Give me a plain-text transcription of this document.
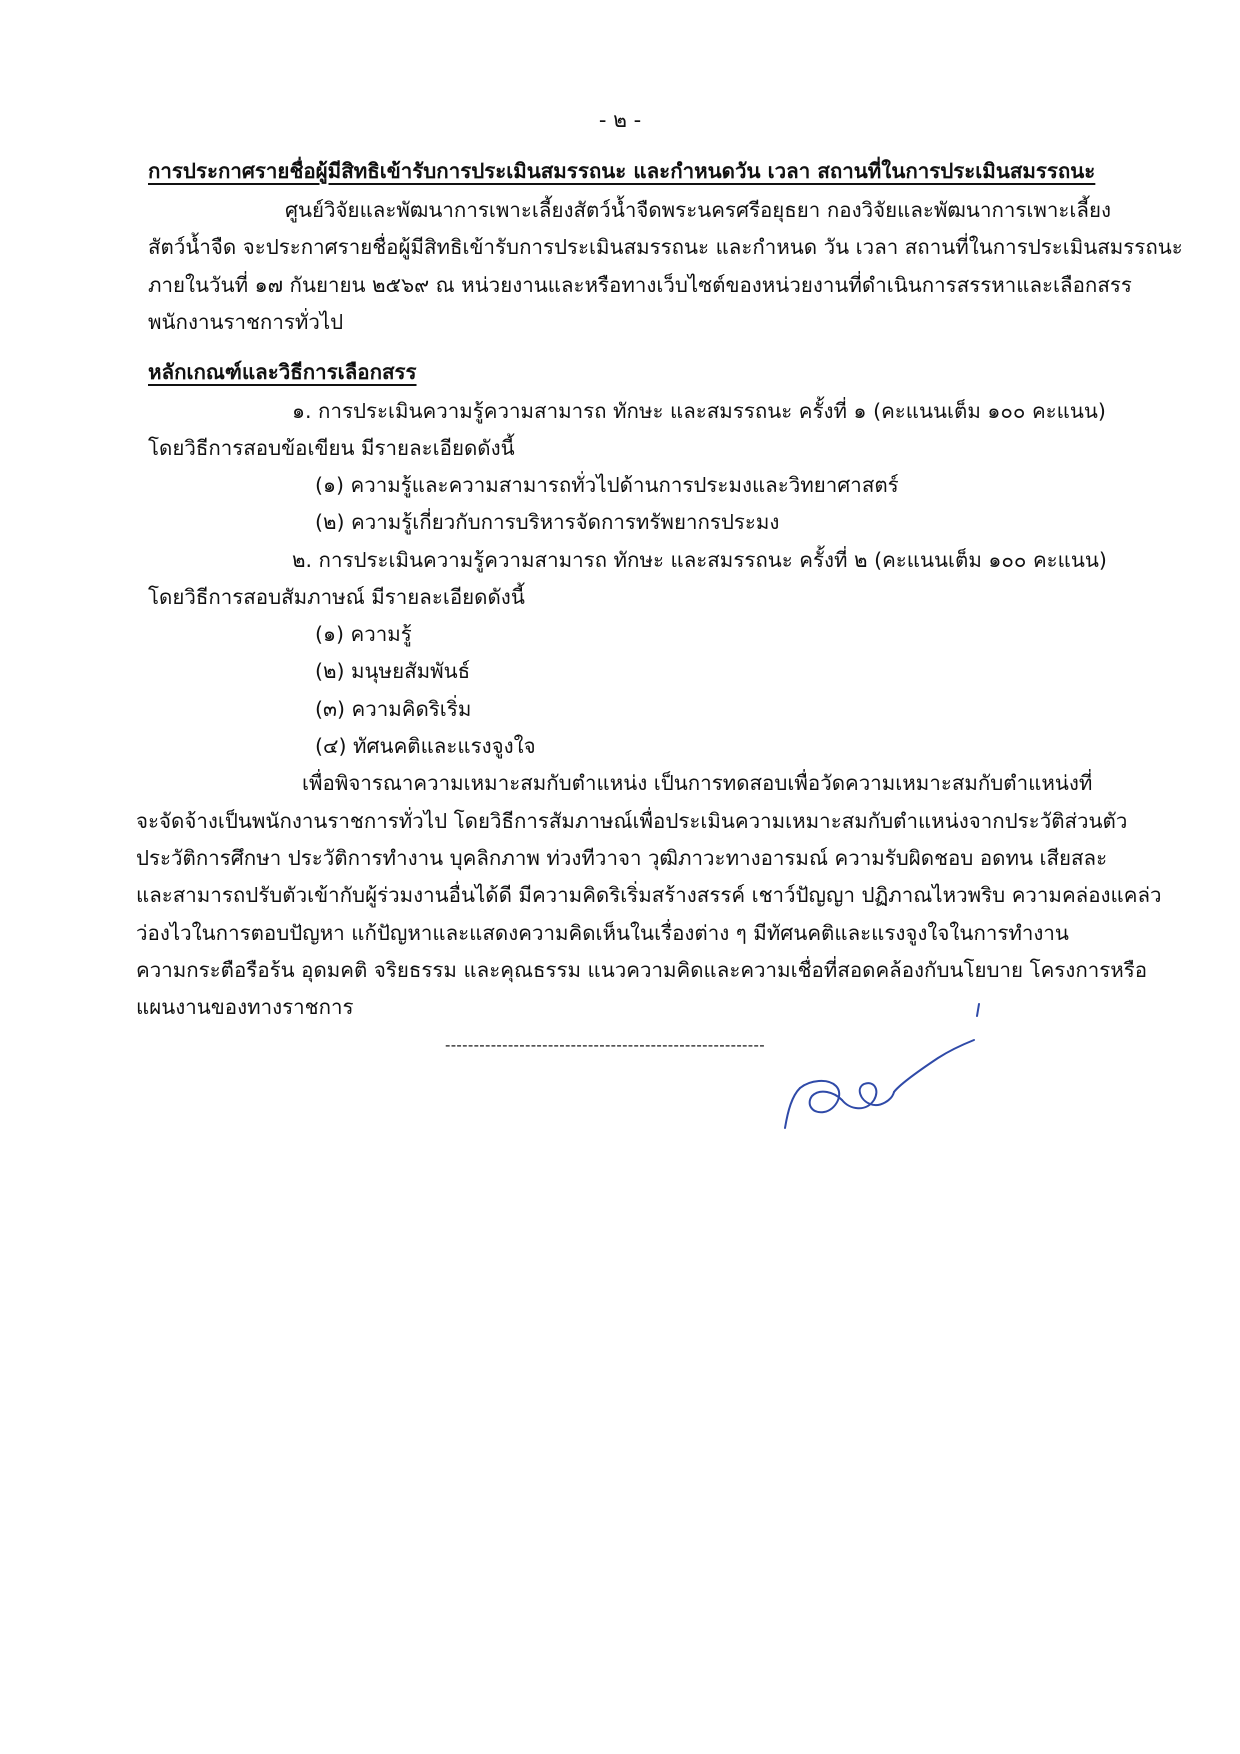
- ๒ -
การประกาศรายชื่อผู้มีสิทธิเข้ารับการประเมินสมรรถนะ และกำหนดวัน เวลา สถานที่ในการประเมินสมรรถนะ
ศูนย์วิจัยและพัฒนาการเพาะเลี้ยงสัตว์น้ำจืดพระนครศรีอยุธยา กองวิจัยและพัฒนาการเพาะเลี้ยง
สัตว์น้ำจืด จะประกาศรายชื่อผู้มีสิทธิเข้ารับการประเมินสมรรถนะ และกำหนด วัน เวลา สถานที่ในการประเมินสมรรถนะ
ภายในวันที่ ๑๗ กันยายน ๒๕๖๙ ณ หน่วยงานและหรือทางเว็บไซต์ของหน่วยงานที่ดำเนินการสรรหาและเลือกสรร
พนักงานราชการทั่วไป
หลักเกณฑ์และวิธีการเลือกสรร
๑. การประเมินความรู้ความสามารถ ทักษะ และสมรรถนะ ครั้งที่ ๑ (คะแนนเต็ม ๑๐๐ คะแนน)
โดยวิธีการสอบข้อเขียน มีรายละเอียดดังนี้
(๑) ความรู้และความสามารถทั่วไปด้านการประมงและวิทยาศาสตร์
(๒) ความรู้เกี่ยวกับการบริหารจัดการทรัพยากรประมง
๒. การประเมินความรู้ความสามารถ ทักษะ และสมรรถนะ ครั้งที่ ๒ (คะแนนเต็ม ๑๐๐ คะแนน)
โดยวิธีการสอบสัมภาษณ์ มีรายละเอียดดังนี้
(๑) ความรู้
(๒) มนุษยสัมพันธ์
(๓) ความคิดริเริ่ม
(๔) ทัศนคติและแรงจูงใจ
เพื่อพิจารณาความเหมาะสมกับตำแหน่ง เป็นการทดสอบเพื่อวัดความเหมาะสมกับตำแหน่งที่
จะจัดจ้างเป็นพนักงานราชการทั่วไป โดยวิธีการสัมภาษณ์เพื่อประเมินความเหมาะสมกับตำแหน่งจากประวัติส่วนตัว
ประวัติการศึกษา ประวัติการทำงาน บุคลิกภาพ ท่วงทีวาจา วุฒิภาวะทางอารมณ์ ความรับผิดชอบ อดทน เสียสละ
และสามารถปรับตัวเข้ากับผู้ร่วมงานอื่นได้ดี มีความคิดริเริ่มสร้างสรรค์ เชาว์ปัญญา ปฏิภาณไหวพริบ ความคล่องแคล่ว
ว่องไวในการตอบปัญหา แก้ปัญหาและแสดงความคิดเห็นในเรื่องต่าง ๆ มีทัศนคติและแรงจูงใจในการทำงาน
ความกระตือรือร้น อุดมคติ จริยธรรม และคุณธรรม แนวความคิดและความเชื่อที่สอดคล้องกับนโยบาย โครงการหรือ
แผนงานของทางราชการ
--------------------------------------------------------
